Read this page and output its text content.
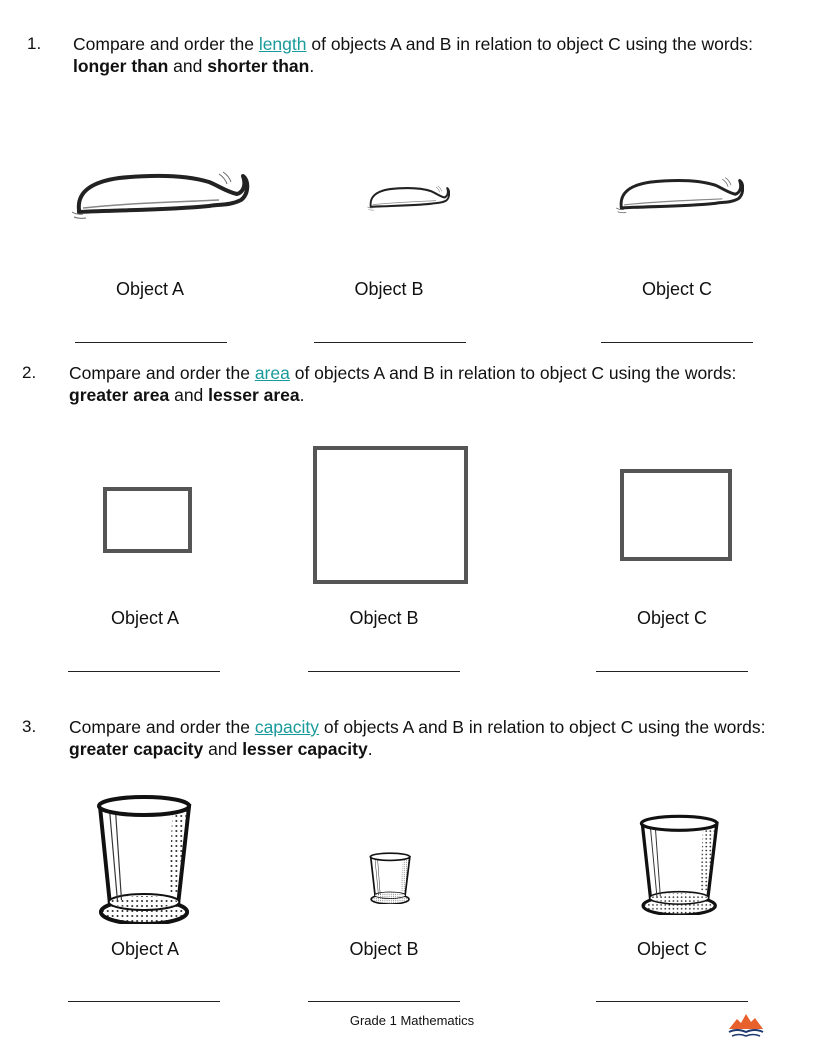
1. Compare and order the length of objects A and B in relation to object C using the words: longer than and shorter than.
Object A	Object B	Object C
2. Compare and order the area of objects A and B in relation to object C using the words: greater area and lesser area.
Object A	Object B	Object C
3. Compare and order the capacity of objects A and B in relation to object C using the words: greater capacity and lesser capacity.
Object A	Object B	Object C
Grade 1 Mathematics
